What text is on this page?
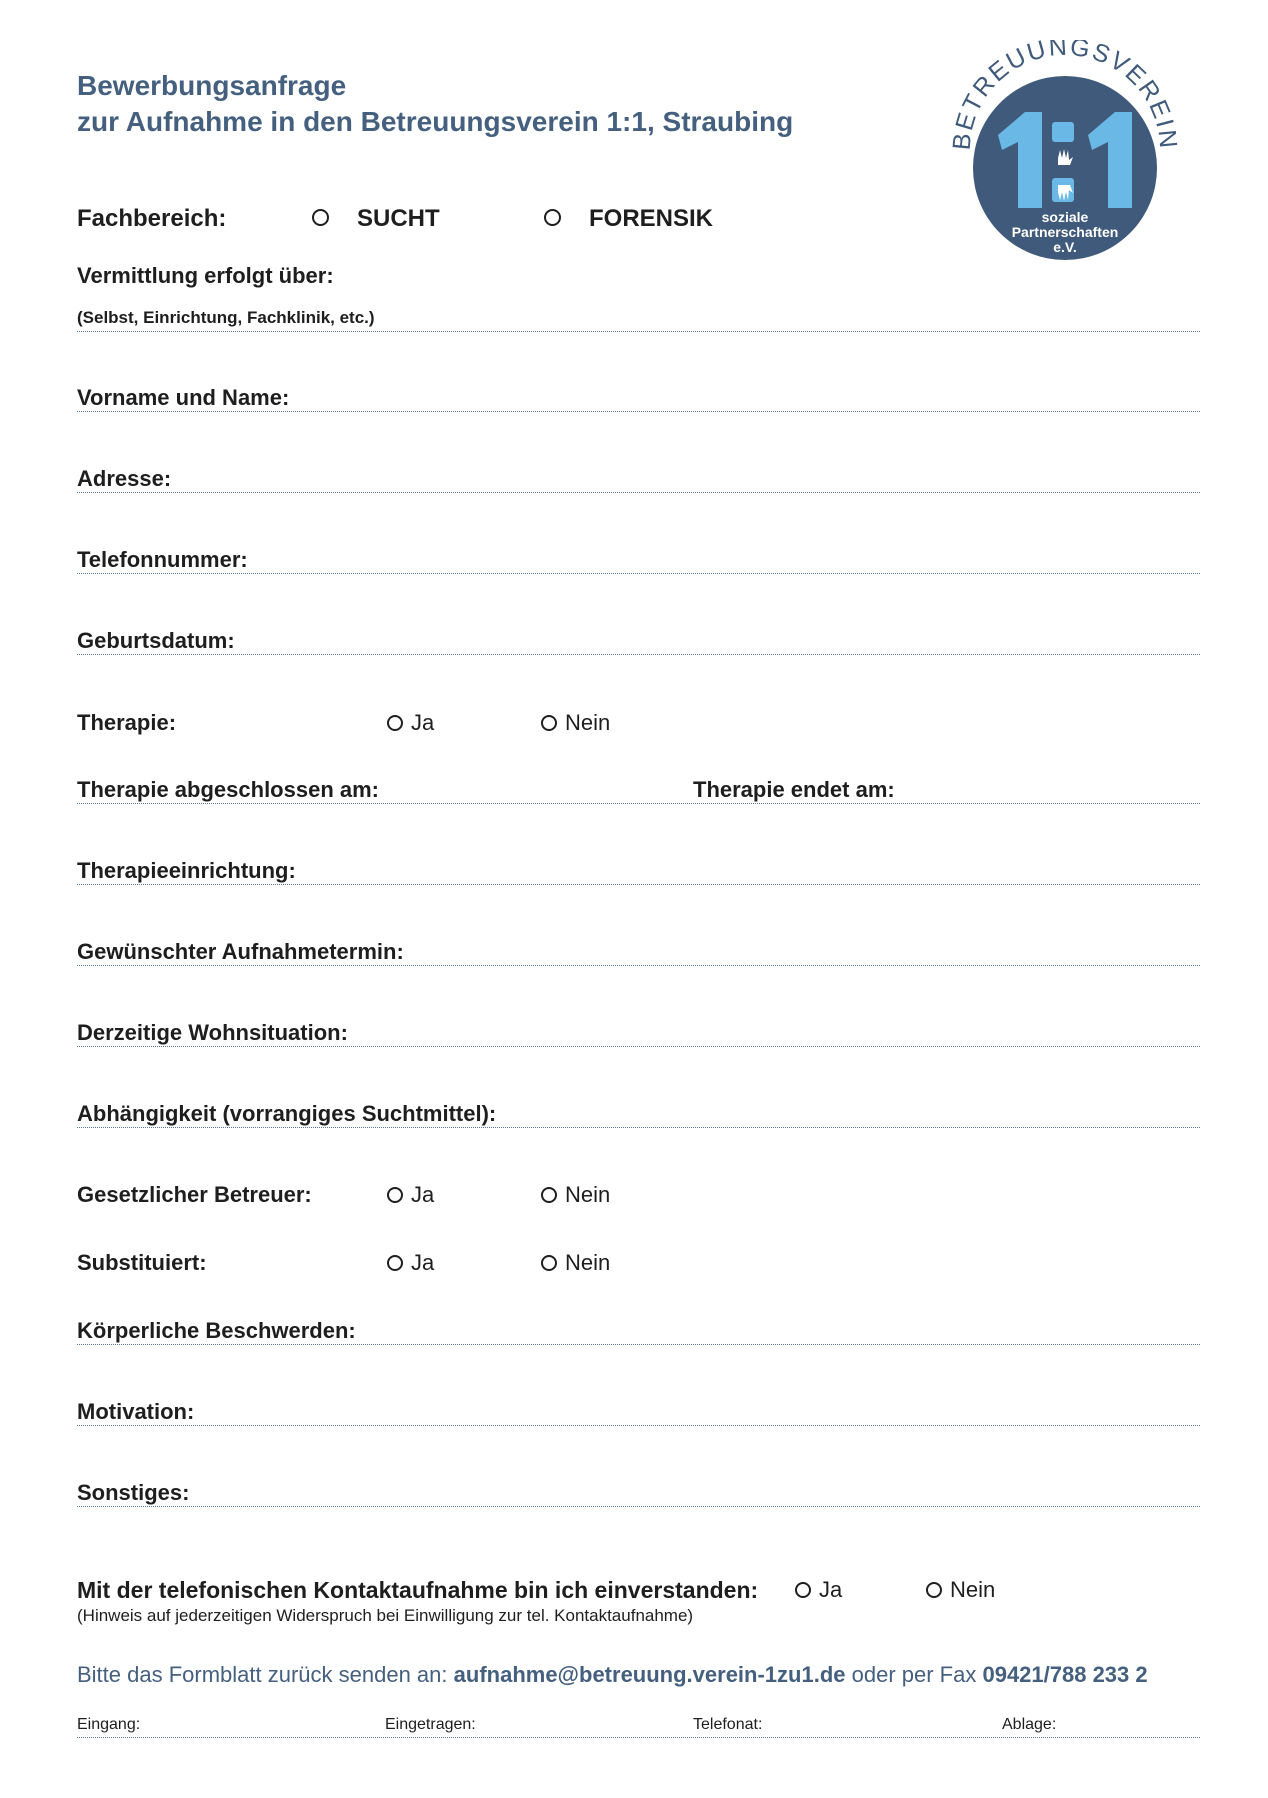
Bewerbungsanfrage
zur Aufnahme in den Betreuungsverein 1:1, Straubing
BETREUUNGSVEREIN
soziale
Partnerschaften
e.V.
Fachbereich:	SUCHT	FORENSIK
Vermittlung erfolgt über:
(Selbst, Einrichtung, Fachklinik, etc.)
Vorname und Name:
Adresse:
Telefonnummer:
Geburtsdatum:
Therapie:	Ja	Nein
Therapie abgeschlossen am:	Therapie endet am:
Therapieeinrichtung:
Gewünschter Aufnahmetermin:
Derzeitige Wohnsituation:
Abhängigkeit (vorrangiges Suchtmittel):
Gesetzlicher Betreuer:	Ja	Nein
Substituiert:	Ja	Nein
Körperliche Beschwerden:
Motivation:
Sonstiges:
Mit der telefonischen Kontaktaufnahme bin ich einverstanden:	Ja	Nein
(Hinweis auf jederzeitigen Widerspruch bei Einwilligung zur tel. Kontaktaufnahme)
Bitte das Formblatt zurück senden an: aufnahme@betreuung.verein-1zu1.de oder per Fax 09421/788 233 2
Eingang:	Eingetragen:	Telefonat:	Ablage:
